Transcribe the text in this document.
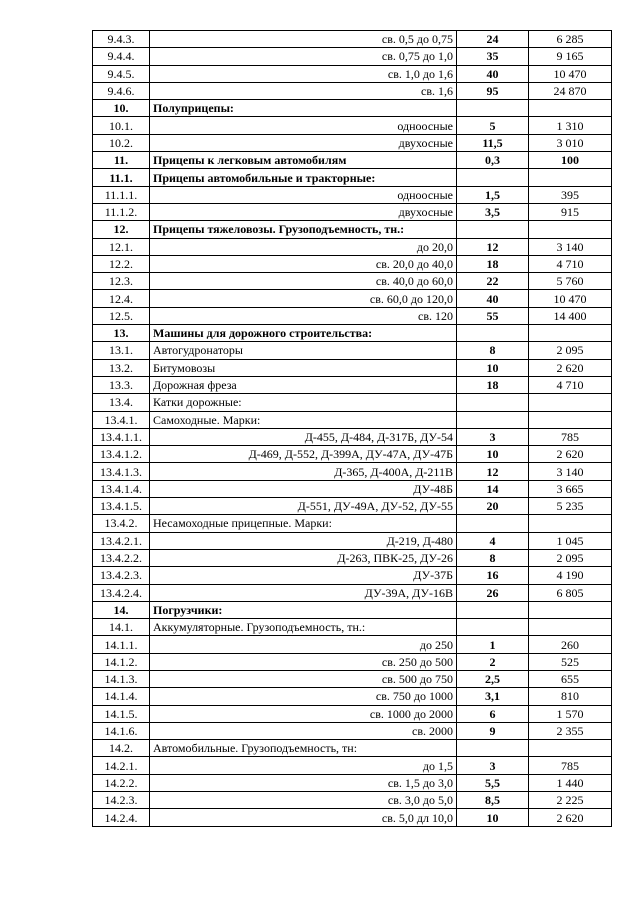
9.4.3.	св. 0,5 до 0,75	24	6 285
9.4.4.	св. 0,75 до 1,0	35	9 165
9.4.5.	св. 1,0 до 1,6	40	10 470
9.4.6.	св. 1,6	95	24 870
10.	Полуприцепы:		
10.1.	одноосные	5	1 310
10.2.	двухосные	11,5	3 010
11.	Прицепы к легковым автомобилям	0,3	100
11.1.	Прицепы автомобильные и тракторные:		
11.1.1.	одноосные	1,5	395
11.1.2.	двухосные	3,5	915
12.	Прицепы тяжеловозы. Грузоподъемность, тн.:		
12.1.	до 20,0	12	3 140
12.2.	св. 20,0 до 40,0	18	4 710
12.3.	св. 40,0 до 60,0	22	5 760
12.4.	св. 60,0 до 120,0	40	10 470
12.5.	св. 120	55	14 400
13.	Машины для дорожного строительства:		
13.1.	Автогудронаторы	8	2 095
13.2.	Битумовозы	10	2 620
13.3.	Дорожная фреза	18	4 710
13.4.	Катки дорожные:		
13.4.1.	Самоходные. Марки:		
13.4.1.1.	Д-455, Д-484, Д-317Б, ДУ-54	3	785
13.4.1.2.	Д-469, Д-552, Д-399А, ДУ-47А, ДУ-47Б	10	2 620
13.4.1.3.	Д-365, Д-400А, Д-211В	12	3 140
13.4.1.4.	ДУ-48Б	14	3 665
13.4.1.5.	Д-551, ДУ-49А, ДУ-52, ДУ-55	20	5 235
13.4.2.	Несамоходные прицепные. Марки:		
13.4.2.1.	Д-219, Д-480	4	1 045
13.4.2.2.	Д-263, ПВК-25, ДУ-26	8	2 095
13.4.2.3.	ДУ-37Б	16	4 190
13.4.2.4.	ДУ-39А, ДУ-16В	26	6 805
14.	Погрузчики:		
14.1.	Аккумуляторные. Грузоподъемность, тн.:		
14.1.1.	до 250	1	260
14.1.2.	св. 250 до 500	2	525
14.1.3.	св. 500 до 750	2,5	655
14.1.4.	св. 750 до 1000	3,1	810
14.1.5.	св. 1000 до 2000	6	1 570
14.1.6.	св. 2000	9	2 355
14.2.	Автомобильные. Грузоподъемность, тн:		
14.2.1.	до 1,5	3	785
14.2.2.	св. 1,5 до 3,0	5,5	1 440
14.2.3.	св. 3,0 до 5,0	8,5	2 225
14.2.4.	св. 5,0 дл 10,0	10	2 620
